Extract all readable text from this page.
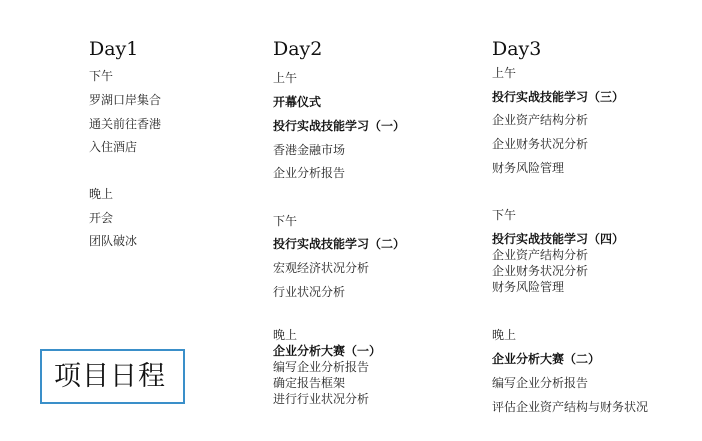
Day1
下午
罗湖口岸集合
通关前往香港
入住酒店
晚上
开会
团队破冰
Day2
上午
开幕仪式
投行实战技能学习（一）
香港金融市场
企业分析报告
下午
投行实战技能学习（二）
宏观经济状况分析
行业状况分析
晚上
企业分析大赛（一）
编写企业分析报告
确定报告框架
进行行业状况分析
Day3
上午
投行实战技能学习（三）
企业资产结构分析
企业财务状况分析
财务风险管理
下午
投行实战技能学习（四）
企业资产结构分析
企业财务状况分析
财务风险管理
晚上
企业分析大赛（二）
编写企业分析报告
评估企业资产结构与财务状况
项目日程
